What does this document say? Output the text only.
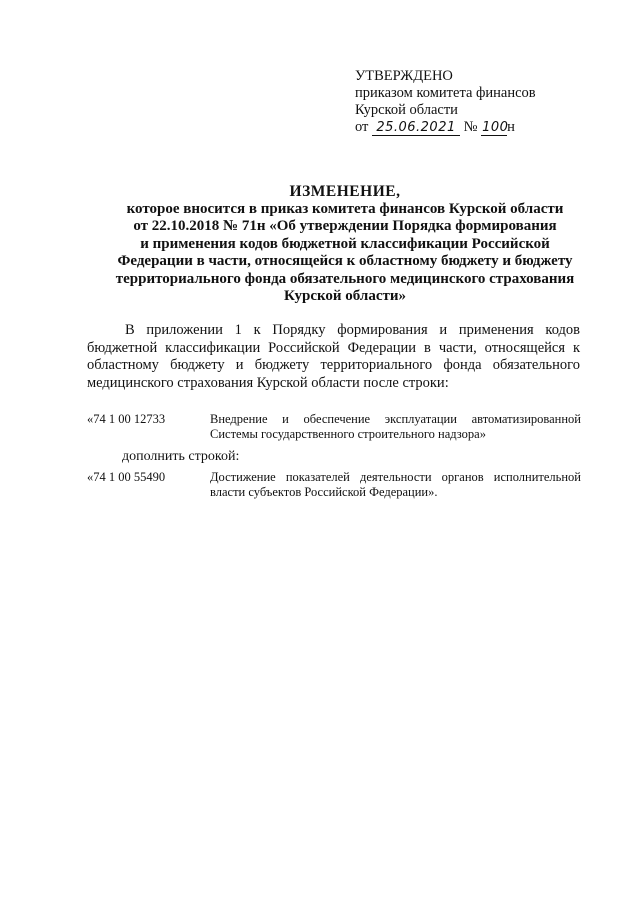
УТВЕРЖДЕНО
приказом комитета финансов
Курской области
от 25.06.2021 № 100н
ИЗМЕНЕНИЕ,
которое вносится в приказ комитета финансов Курской области
от 22.10.2018 № 71н «Об утверждении Порядка формирования
и применения кодов бюджетной классификации Российской
Федерации в части, относящейся к областному бюджету и бюджету
территориального фонда обязательного медицинского страхования
Курской области»
В приложении 1 к Порядку формирования и применения кодов бюджетной классификации Российской Федерации в части, относящейся к областному бюджету и бюджету территориального фонда обязательного медицинского страхования Курской области после строки:
«74 1 00 12733	Внедрение и обеспечение эксплуатации автоматизированной Системы государственного строительного надзора»
дополнить строкой:
«74 1 00 55490	Достижение показателей деятельности органов исполнительной власти субъектов Российской Федерации».
